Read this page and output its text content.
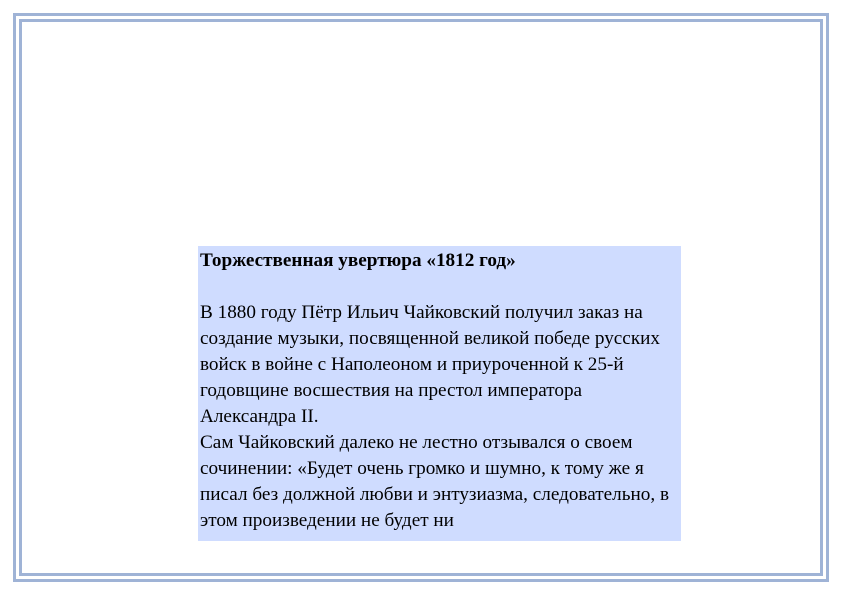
Торжественная увертюра «1812 год»

В 1880 году Пётр Ильич Чайковский получил заказ на создание музыки, посвященной великой победе русских войск в войне с Наполеоном и приуроченной к 25-й годовщине восшествия на престол императора Александра II.

Сам Чайковский далеко не лестно отзывался о своем сочинении: «Будет очень громко и шумно, к тому же я писал без должной любви и энтузиазма, следовательно, в этом произведении не будет ни
